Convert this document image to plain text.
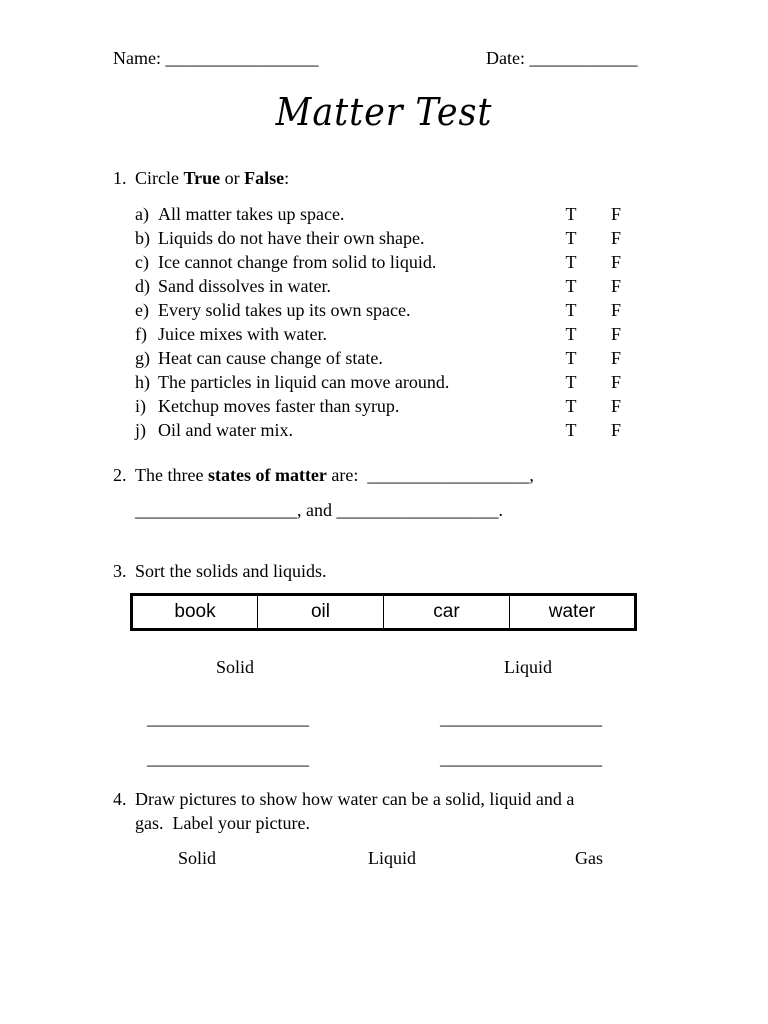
Name: _________________	Date: ____________
Matter Test
1. Circle True or False:
a) All matter takes up space.	T F
b) Liquids do not have their own shape.	T F
c) Ice cannot change from solid to liquid.	T F
d) Sand dissolves in water.	T F
e) Every solid takes up its own space.	T F
f) Juice mixes with water.	T F
g) Heat can cause change of state.	T F
h) The particles in liquid can move around.	T F
i) Ketchup moves faster than syrup.	T F
j) Oil and water mix.	T F
2. The three states of matter are:  __________________,
__________________, and __________________.
3. Sort the solids and liquids.
book	oil	car	water
Solid	Liquid
__________________	__________________
__________________	__________________
4. Draw pictures to show how water can be a solid, liquid and a
gas.  Label your picture.
Solid	Liquid	Gas
